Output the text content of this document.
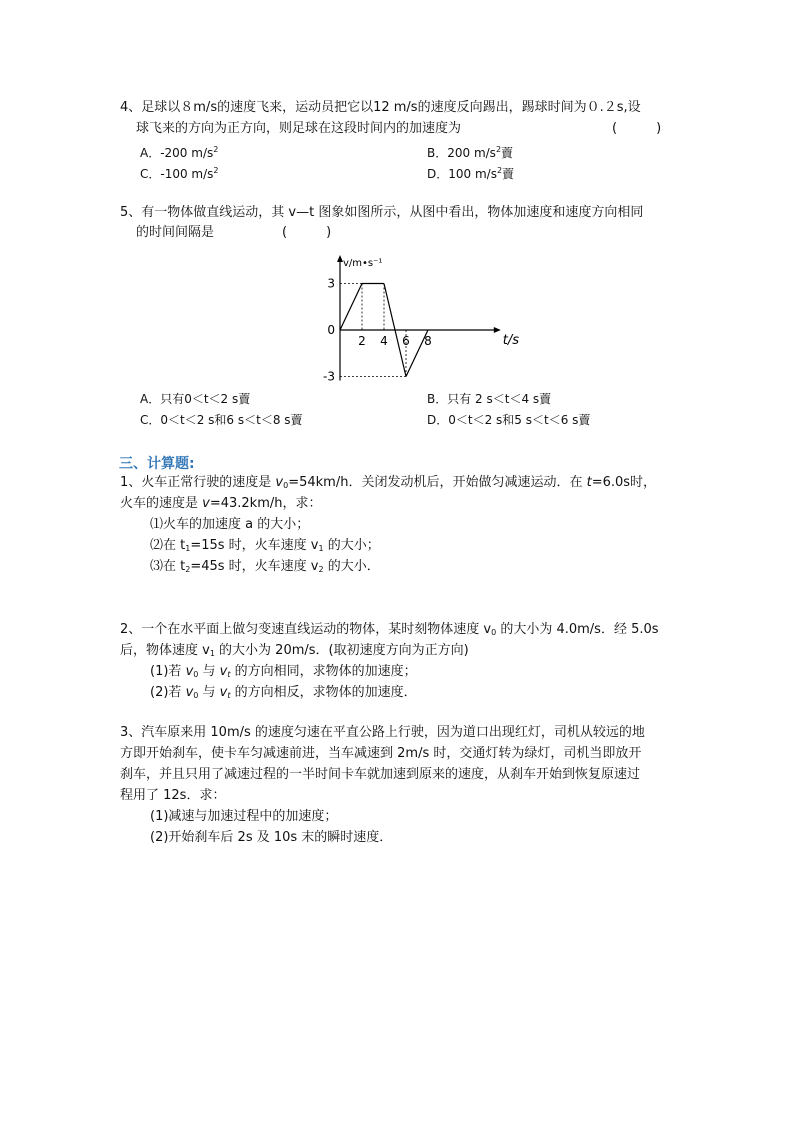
4、足球以８m/s的速度飞来，运动员把它以12 m/s的速度反向踢出，踢球时间为０.２s,设
球飞来的方向为正方向，则足球在这段时间内的加速度为	(　　　)
A．-200 $m/s^2$	B．200 $m/s^2$藚
C．-100 $m/s^2$	D．100 $m/s^2$藚
5、有一物体做直线运动，其 v—t 图象如图所示，从图中看出，物体加速度和速度方向相同
的时间间隔是	(　　　)
v/m•s⁻¹
t/s
3
0
-3
2 4 6 8
A．只有0＜t＜2 s藚	B．只有 2 s＜t＜4 s藚
C．0＜t＜2 s和6 s＜t＜8 s藚	D．0＜t＜2 s和5 s＜t＜6 s藚
三、计算题:
1、火车正常行驶的速度是 $v_0=54km/h$．关闭发动机后，开始做匀减速运动．在 t=6.0s时，
火车的速度是 v=43.2km/h，求：
⑴火车的加速度 a 的大小；
⑵在 $t_1=15s$ 时，火车速度 $v_1$ 的大小；
⑶在 $t_2=45s$ 时，火车速度 $v_2$ 的大小．
2、一个在水平面上做匀变速直线运动的物体，某时刻物体速度 $v_0$ 的大小为 4.0m/s．经 5.0s
后，物体速度 $v_1$ 的大小为 20m/s．(取初速度方向为正方向)
(1)若 $v_0$ 与 $v_t$ 的方向相同，求物体的加速度；
(2)若 $v_0$ 与 $v_t$ 的方向相反，求物体的加速度．
3、汽车原来用 10m/s 的速度匀速在平直公路上行驶，因为道口出现红灯，司机从较远的地
方即开始刹车，使卡车匀减速前进，当车减速到 2m/s 时，交通灯转为绿灯，司机当即放开
刹车，并且只用了减速过程的一半时间卡车就加速到原来的速度，从刹车开始到恢复原速过
程用了 12s．求：
(1)减速与加速过程中的加速度；
(2)开始刹车后 2s 及 10s 末的瞬时速度．
